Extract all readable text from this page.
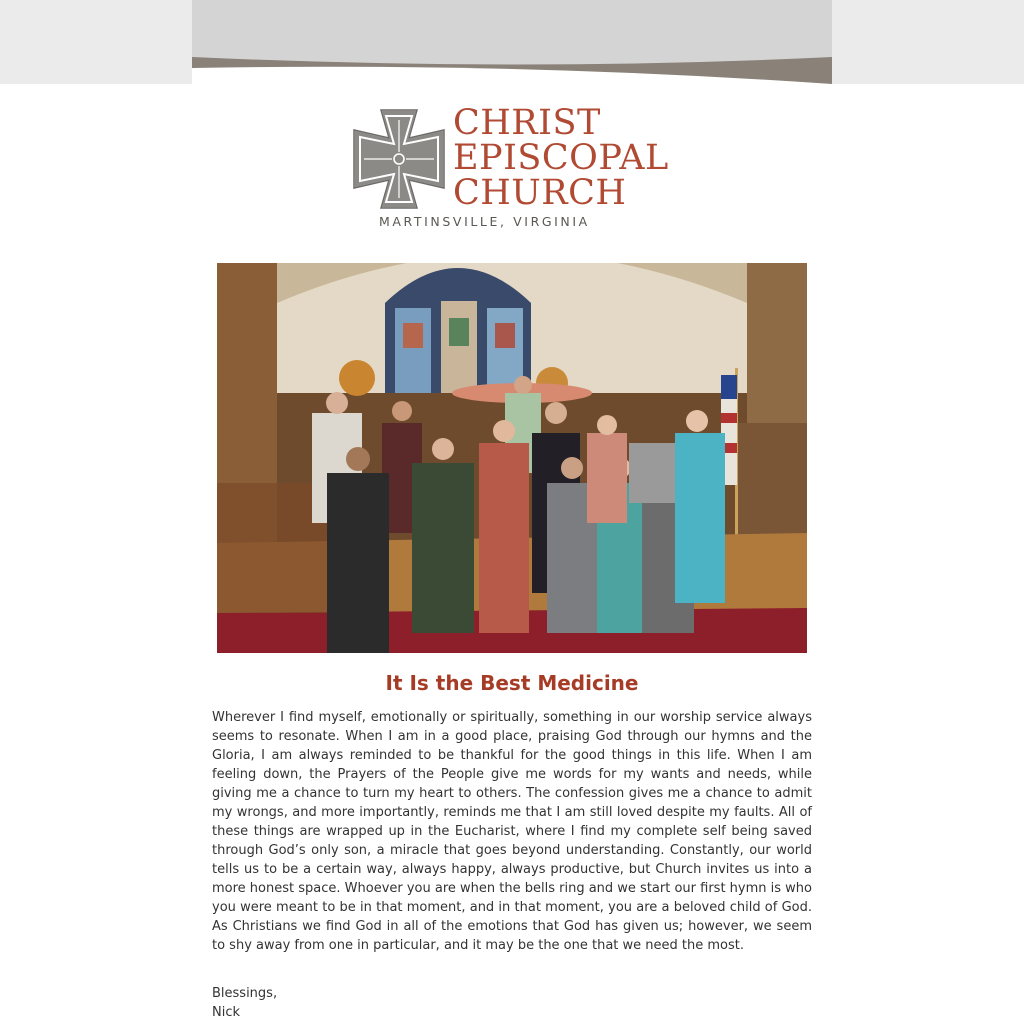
CHRIST
EPISCOPAL
CHURCH
MARTINSVILLE, VIRGINIA
It Is the Best Medicine

Wherever I find myself, emotionally or spiritually, something in our worship service always seems to resonate. When I am in a good place, praising God through our hymns and the Gloria, I am always reminded to be thankful for the good things in this life. When I am feeling down, the Prayers of the People give me words for my wants and needs, while giving me a chance to turn my heart to others. The confession gives me a chance to admit my wrongs, and more importantly, reminds me that I am still loved despite my faults. All of these things are wrapped up in the Eucharist, where I find my complete self being saved through God’s only son, a miracle that goes beyond understanding. Constantly, our world tells us to be a certain way, always happy, always productive, but Church invites us into a more honest space. Whoever you are when the bells ring and we start our first hymn is who you were meant to be in that moment, and in that moment, you are a beloved child of God. As Christians we find God in all of the emotions that God has given us; however, we seem to shy away from one in particular, and it may be the one that we need the most.

Blessings,
Nick
